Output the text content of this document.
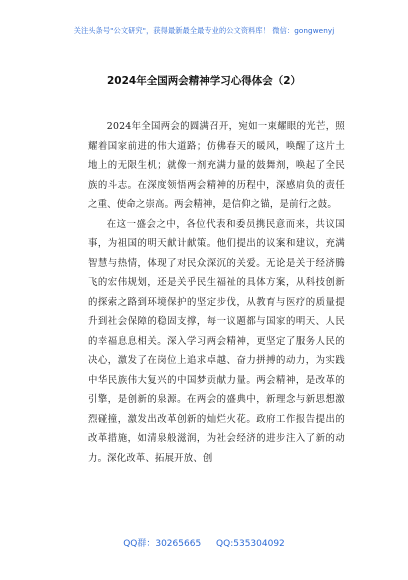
关注头条号"公文研究"，获得最新最全最专业的公文资料库！ 微信：gongwenyj
2024年全国两会精神学习心得体会（2）

2024年全国两会的圆满召开，宛如一束耀眼的光芒，照耀着国家前进的伟大道路；仿佛春天的暖风，唤醒了这片土地上的无限生机；就像一剂充满力量的鼓舞剂，唤起了全民族的斗志。在深度领悟两会精神的历程中，深感肩负的责任之重、使命之崇高。两会精神，是信仰之锚，是前行之鼓。

在这一盛会之中，各位代表和委员携民意而来，共议国事，为祖国的明天献计献策。他们提出的议案和建议，充满智慧与热情，体现了对民众深沉的关爱。无论是关于经济腾飞的宏伟规划，还是关乎民生福祉的具体方案，从科技创新的探索之路到环境保护的坚定步伐，从教育与医疗的质量提升到社会保障的稳固支撑，每一议题都与国家的明天、人民的幸福息息相关。深入学习两会精神，更坚定了服务人民的决心，激发了在岗位上追求卓越、奋力拼搏的动力，为实践中华民族伟大复兴的中国梦贡献力量。两会精神，是改革的引擎，是创新的泉源。在两会的盛典中，新理念与新思想激烈碰撞，激发出改革创新的灿烂火花。政府工作报告提出的改革措施，如清泉般滋润，为社会经济的进步注入了新的动力。深化改革、拓展开放、创

QQ群：30265665 QQ:535304092
